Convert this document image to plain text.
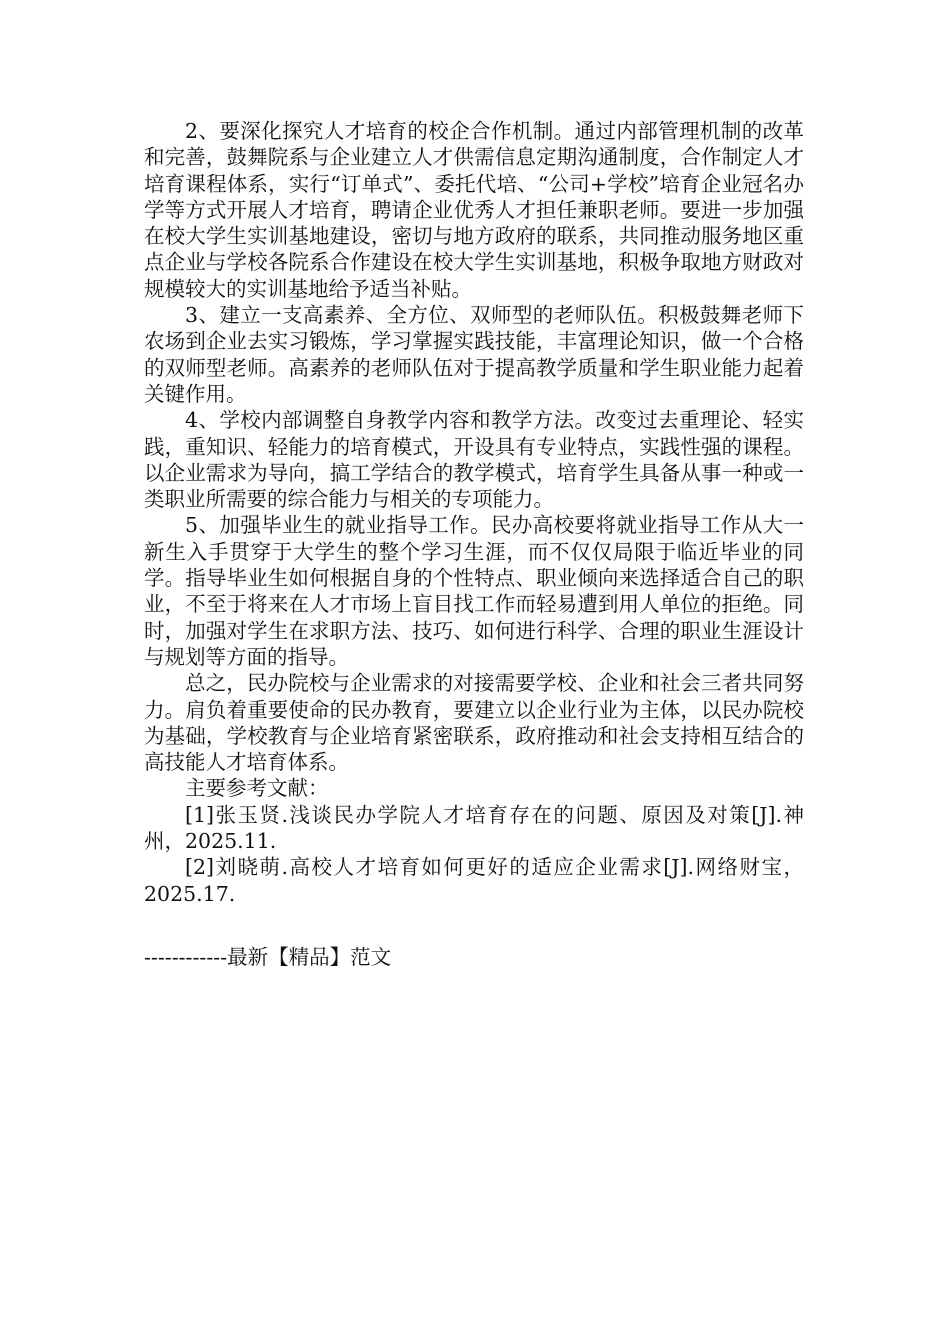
2、要深化探究人才培育的校企合作机制。通过内部管理机制的改革和完善，鼓舞院系与企业建立人才供需信息定期沟通制度，合作制定人才培育课程体系，实行“订单式”、委托代培、“公司+学校”培育企业冠名办学等方式开展人才培育，聘请企业优秀人才担任兼职老师。要进一步加强在校大学生实训基地建设，密切与地方政府的联系，共同推动服务地区重点企业与学校各院系合作建设在校大学生实训基地，积极争取地方财政对规模较大的实训基地给予适当补贴。

3、建立一支高素养、全方位、双师型的老师队伍。积极鼓舞老师下农场到企业去实习锻炼，学习掌握实践技能，丰富理论知识，做一个合格的双师型老师。高素养的老师队伍对于提高教学质量和学生职业能力起着关键作用。

4、学校内部调整自身教学内容和教学方法。改变过去重理论、轻实践，重知识、轻能力的培育模式，开设具有专业特点，实践性强的课程。以企业需求为导向，搞工学结合的教学模式，培育学生具备从事一种或一类职业所需要的综合能力与相关的专项能力。

5、加强毕业生的就业指导工作。民办高校要将就业指导工作从大一新生入手贯穿于大学生的整个学习生涯，而不仅仅局限于临近毕业的同学。指导毕业生如何根据自身的个性特点、职业倾向来选择适合自己的职业，不至于将来在人才市场上盲目找工作而轻易遭到用人单位的拒绝。同时，加强对学生在求职方法、技巧、如何进行科学、合理的职业生涯设计与规划等方面的指导。

总之，民办院校与企业需求的对接需要学校、企业和社会三者共同努力。肩负着重要使命的民办教育，要建立以企业行业为主体，以民办院校为基础，学校教育与企业培育紧密联系，政府推动和社会支持相互结合的高技能人才培育体系。

主要参考文献：

[1]张玉贤.浅谈民办学院人才培育存在的问题、原因及对策[J].神州，2025.11.

[2]刘晓萌.高校人才培育如何更好的适应企业需求[J].网络财宝，2025.17.

------------最新【精品】范文
